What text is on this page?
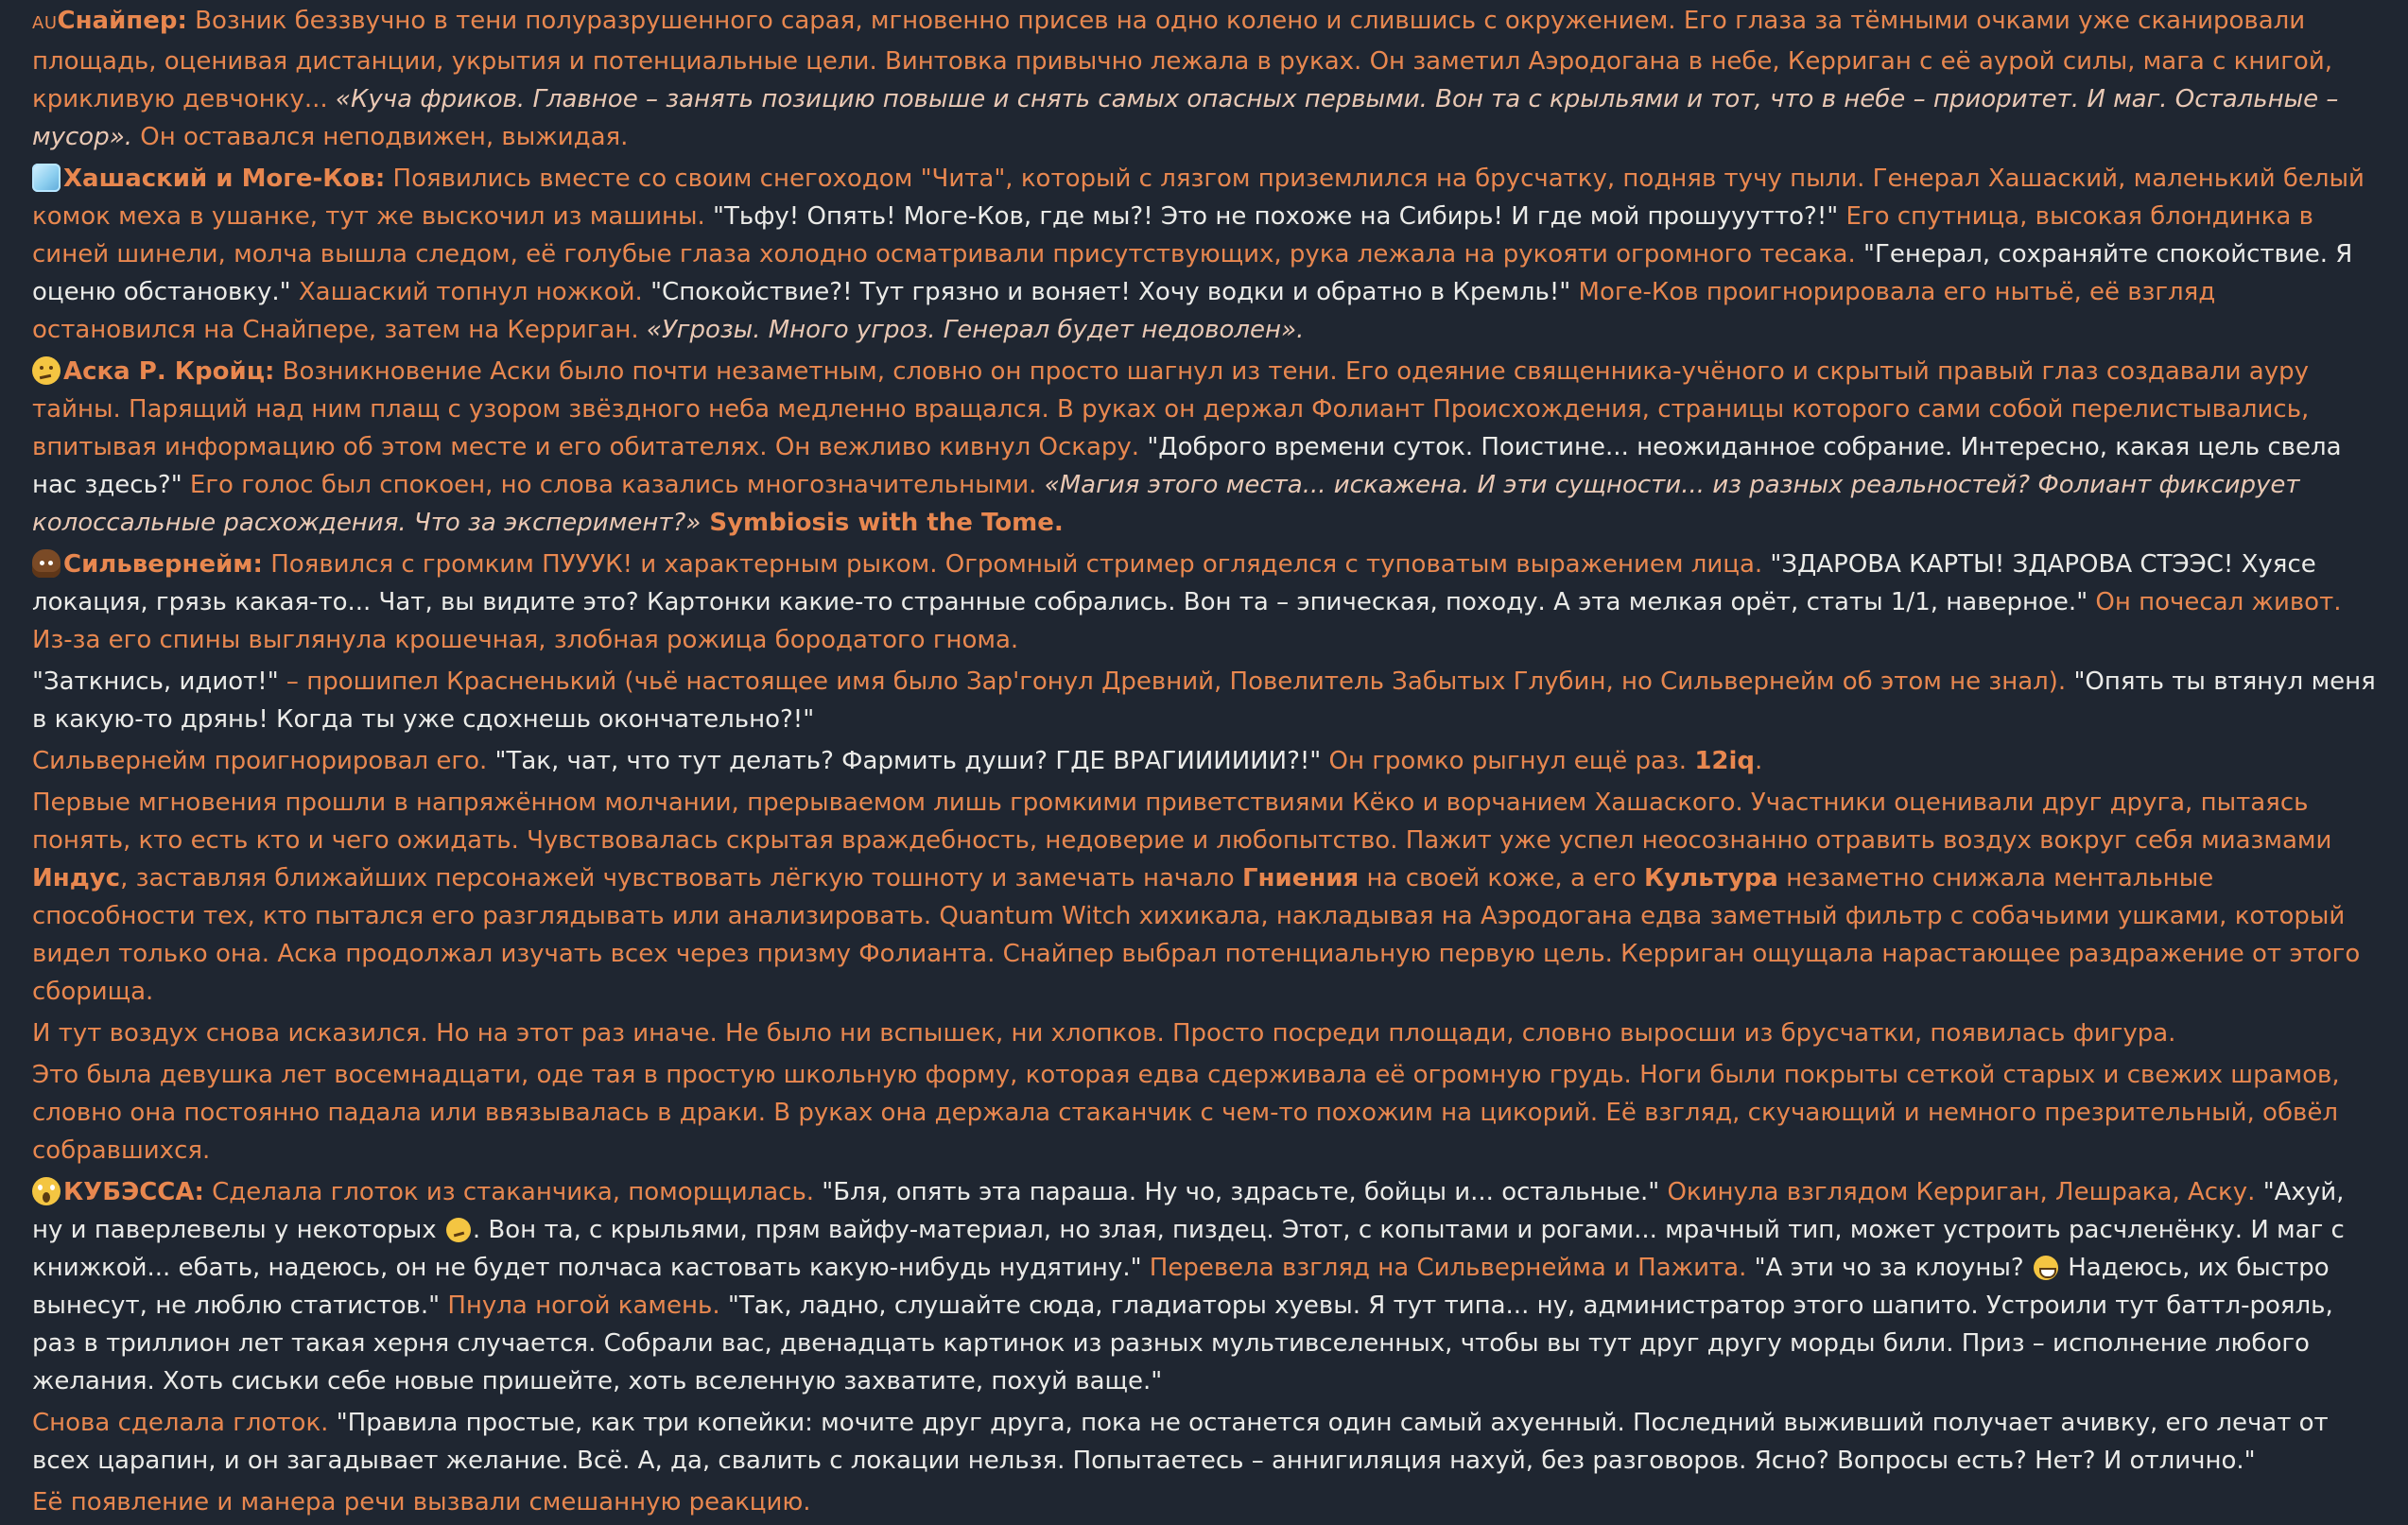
AUСнайпер: Возник беззвучно в тени полуразрушенного сарая, мгновенно присев на одно колено и слившись с окружением. Его глаза за тёмными очками уже сканировали площадь, оценивая дистанции, укрытия и потенциальные цели. Винтовка привычно лежала в руках. Он заметил Аэродогана в небе, Керриган с её аурой силы, мага с книгой, крикливую девчонку... «Куча фриков. Главное – занять позицию повыше и снять самых опасных первыми. Вон та с крыльями и тот, что в небе – приоритет. И маг. Остальные – мусор». Он оставался неподвижен, выжидая.

Хашаский и Моге-Ков: Появились вместе со своим снегоходом "Чита", который с лязгом приземлился на брусчатку, подняв тучу пыли. Генерал Хашаский, маленький белый комок меха в ушанке, тут же выскочил из машины. "Тьфу! Опять! Моге-Ков, где мы?! Это не похоже на Сибирь! И где мой прошууутто?!" Его спутница, высокая блондинка в синей шинели, молча вышла следом, её голубые глаза холодно осматривали присутствующих, рука лежала на рукояти огромного тесака. "Генерал, сохраняйте спокойствие. Я оценю обстановку." Хашаский топнул ножкой. "Спокойствие?! Тут грязно и воняет! Хочу водки и обратно в Кремль!" Моге-Ков проигнорировала его нытьё, её взгляд остановился на Снайпере, затем на Керриган. «Угрозы. Много угроз. Генерал будет недоволен».

Аска Р. Кройц: Возникновение Аски было почти незаметным, словно он просто шагнул из тени. Его одеяние священника-учёного и скрытый правый глаз создавали ауру тайны. Парящий над ним плащ с узором звёздного неба медленно вращался. В руках он держал Фолиант Происхождения, страницы которого сами собой перелистывались, впитывая информацию об этом месте и его обитателях. Он вежливо кивнул Оскару. "Доброго времени суток. Поистине... неожиданное собрание. Интересно, какая цель свела нас здесь?" Его голос был спокоен, но слова казались многозначительными. «Магия этого места... искажена. И эти сущности... из разных реальностей? Фолиант фиксирует колоссальные расхождения. Что за эксперимент?» Symbiosis with the Tome.

Сильвернейм: Появился с громким ПУУУК! и характерным рыком. Огромный стример огляделся с туповатым выражением лица. "ЗДАРОВА КАРТЫ! ЗДАРОВА СТЭЭС! Хуясе локация, грязь какая-то... Чат, вы видите это? Картонки какие-то странные собрались. Вон та – эпическая, походу. А эта мелкая орёт, статы 1/1, наверное." Он почесал живот. Из-за его спины выглянула крошечная, злобная рожица бородатого гнома.

"Заткнись, идиот!" – прошипел Красненький (чьё настоящее имя было Зар'гонул Древний, Повелитель Забытых Глубин, но Сильвернейм об этом не знал). "Опять ты втянул меня в какую-то дрянь! Когда ты уже сдохнешь окончательно?!"

Сильвернейм проигнорировал его. "Так, чат, что тут делать? Фармить души? ГДЕ ВРАГИИИИИИ?!" Он громко рыгнул ещё раз. 12iq.

Первые мгновения прошли в напряжённом молчании, прерываемом лишь громкими приветствиями Кёко и ворчанием Хашаского. Участники оценивали друг друга, пытаясь понять, кто есть кто и чего ожидать. Чувствовалась скрытая враждебность, недоверие и любопытство. Пажит уже успел неосознанно отравить воздух вокруг себя миазмами Индус, заставляя ближайших персонажей чувствовать лёгкую тошноту и замечать начало Гниения на своей коже, а его Культура незаметно снижала ментальные способности тех, кто пытался его разглядывать или анализировать. Quantum Witch хихикала, накладывая на Аэродогана едва заметный фильтр с собачьими ушками, который видел только она. Аска продолжал изучать всех через призму Фолианта. Снайпер выбрал потенциальную первую цель. Керриган ощущала нарастающее раздражение от этого сборища.

И тут воздух снова исказился. Но на этот раз иначе. Не было ни вспышек, ни хлопков. Просто посреди площади, словно выросши из брусчатки, появилась фигура.

Это была девушка лет восемнадцати, оде тая в простую школьную форму, которая едва сдерживала её огромную грудь. Ноги были покрыты сеткой старых и свежих шрамов, словно она постоянно падала или ввязывалась в драки. В руках она держала стаканчик с чем-то похожим на цикорий. Её взгляд, скучающий и немного презрительный, обвёл собравшихся.

КУБЭССА: Сделала глоток из стаканчика, поморщилась. "Бля, опять эта параша. Ну чо, здрасьте, бойцы и... остальные." Окинула взглядом Керриган, Лешрака, Аску. "Ахуй, ну и паверлевелы у некоторых . Вон та, с крыльями, прям вайфу-материал, но злая, пиздец. Этот, с копытами и рогами... мрачный тип, может устроить расчленёнку. И маг с книжкой... ебать, надеюсь, он не будет полчаса кастовать какую-нибудь нудятину." Перевела взгляд на Сильвернейма и Пажита. "А эти чо за клоуны?  Надеюсь, их быстро вынесут, не люблю статистов." Пнула ногой камень. "Так, ладно, слушайте сюда, гладиаторы хуевы. Я тут типа... ну, администратор этого шапито. Устроили тут баттл-рояль, раз в триллион лет такая херня случается. Собрали вас, двенадцать картинок из разных мультивселенных, чтобы вы тут друг другу морды били. Приз – исполнение любого желания. Хоть сиськи себе новые пришейте, хоть вселенную захватите, похуй ваще."

Снова сделала глоток. "Правила простые, как три копейки: мочите друг друга, пока не останется один самый ахуенный. Последний выживший получает ачивку, его лечат от всех царапин, и он загадывает желание. Всё. А, да, свалить с локации нельзя. Попытаетесь – аннигиляция нахуй, без разговоров. Ясно? Вопросы есть? Нет? И отлично."

Её появление и манера речи вызвали смешанную реакцию.
